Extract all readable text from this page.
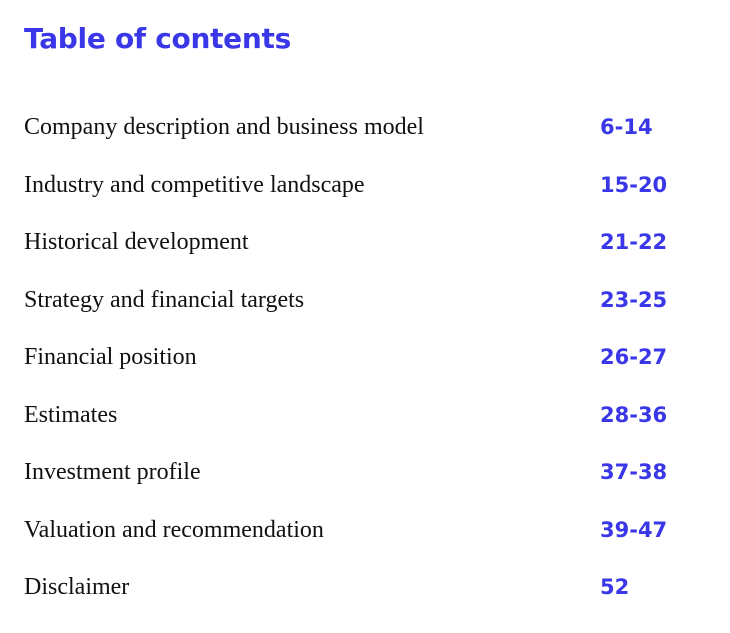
Table of contents
Company description and business model	6-14
Industry and competitive landscape	15-20
Historical development	21-22
Strategy and financial targets	23-25
Financial position	26-27
Estimates	28-36
Investment profile	37-38
Valuation and recommendation	39-47
Disclaimer	52
